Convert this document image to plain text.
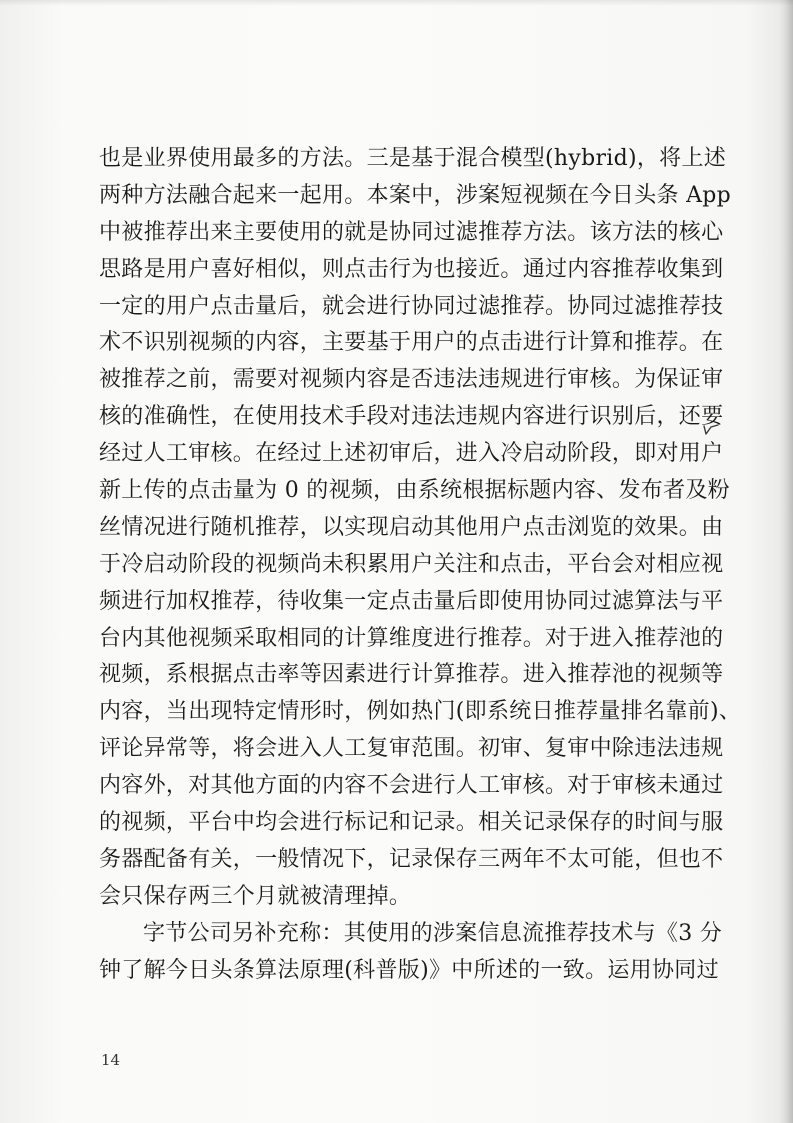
也是业界使用最多的方法。三是基于混合模型(hybrid)，将上述
两种方法融合起来一起用。本案中，涉案短视频在今日头条 App
中被推荐出来主要使用的就是协同过滤推荐方法。该方法的核心
思路是用户喜好相似，则点击行为也接近。通过内容推荐收集到
一定的用户点击量后，就会进行协同过滤推荐。协同过滤推荐技
术不识别视频的内容，主要基于用户的点击进行计算和推荐。在
被推荐之前，需要对视频内容是否违法违规进行审核。为保证审
核的准确性，在使用技术手段对违法违规内容进行识别后，还要
经过人工审核。在经过上述初审后，进入冷启动阶段，即对用户
新上传的点击量为 0 的视频，由系统根据标题内容、发布者及粉
丝情况进行随机推荐，以实现启动其他用户点击浏览的效果。由
于冷启动阶段的视频尚未积累用户关注和点击，平台会对相应视
频进行加权推荐，待收集一定点击量后即使用协同过滤算法与平
台内其他视频采取相同的计算维度进行推荐。对于进入推荐池的
视频，系根据点击率等因素进行计算推荐。进入推荐池的视频等
内容，当出现特定情形时，例如热门(即系统日推荐量排名靠前)、
评论异常等，将会进入人工复审范围。初审、复审中除违法违规
内容外，对其他方面的内容不会进行人工审核。对于审核未通过
的视频，平台中均会进行标记和记录。相关记录保存的时间与服
务器配备有关，一般情况下，记录保存三两年不太可能，但也不
会只保存两三个月就被清理掉。
字节公司另补充称：其使用的涉案信息流推荐技术与《3 分
钟了解今日头条算法原理(科普版)》中所述的一致。运用协同过
14
